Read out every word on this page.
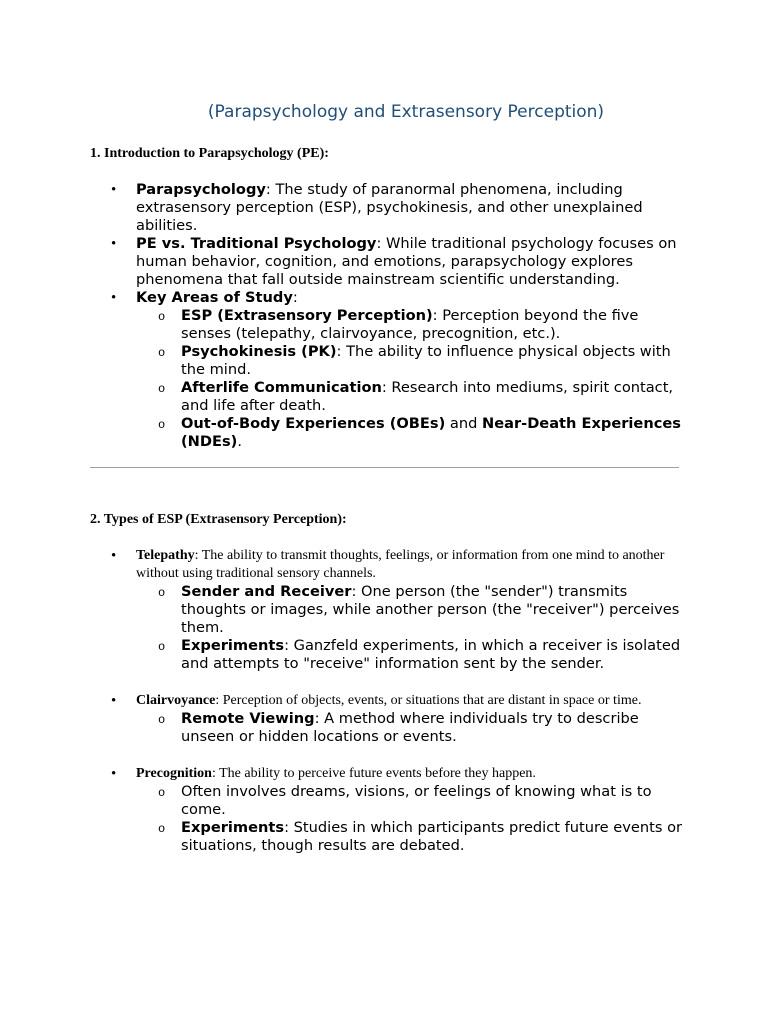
(Parapsychology and Extrasensory Perception)
1. Introduction to Parapsychology (PE):
• Parapsychology: The study of paranormal phenomena, including extrasensory perception (ESP), psychokinesis, and other unexplained abilities.
• PE vs. Traditional Psychology: While traditional psychology focuses on human behavior, cognition, and emotions, parapsychology explores phenomena that fall outside mainstream scientific understanding.
• Key Areas of Study:
o ESP (Extrasensory Perception): Perception beyond the five senses (telepathy, clairvoyance, precognition, etc.).
o Psychokinesis (PK): The ability to influence physical objects with the mind.
o Afterlife Communication: Research into mediums, spirit contact, and life after death.
o Out-of-Body Experiences (OBEs) and Near-Death Experiences (NDEs).
2. Types of ESP (Extrasensory Perception):
• Telepathy: The ability to transmit thoughts, feelings, or information from one mind to another without using traditional sensory channels.
o Sender and Receiver: One person (the "sender") transmits thoughts or images, while another person (the "receiver") perceives them.
o Experiments: Ganzfeld experiments, in which a receiver is isolated and attempts to "receive" information sent by the sender.
• Clairvoyance: Perception of objects, events, or situations that are distant in space or time.
o Remote Viewing: A method where individuals try to describe unseen or hidden locations or events.
• Precognition: The ability to perceive future events before they happen.
o Often involves dreams, visions, or feelings of knowing what is to come.
o Experiments: Studies in which participants predict future events or situations, though results are debated.
